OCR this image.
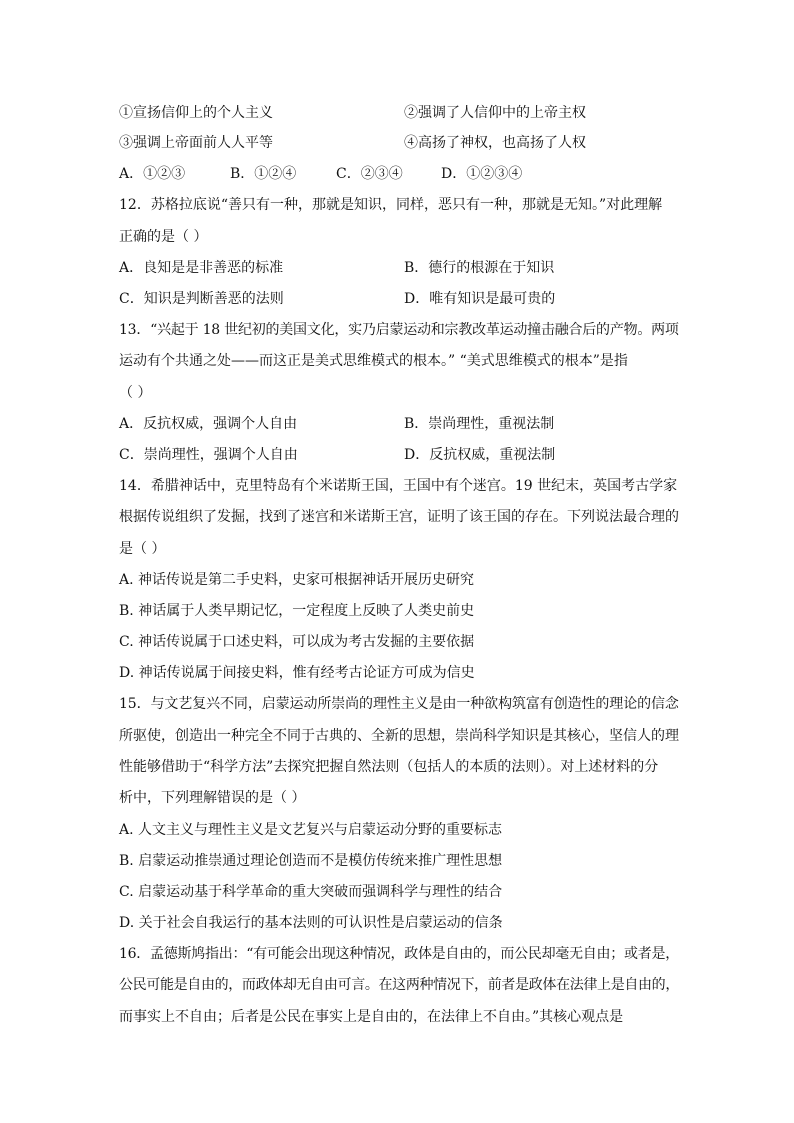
①宣扬信仰上的个人主义	②强调了人信仰中的上帝主权
③强调上帝面前人人平等	④高扬了神权，也高扬了人权
A．①②③	B．①②④	C．②③④	D．①②③④
12．苏格拉底说“善只有一种，那就是知识，同样，恶只有一种，那就是无知。”对此理解
正确的是（ ）
A．良知是是非善恶的标准	B．德行的根源在于知识
C．知识是判断善恶的法则	D．唯有知识是最可贵的
13．“兴起于 18 世纪初的美国文化，实乃启蒙运动和宗教改革运动撞击融合后的产物。两项
运动有个共通之处——而这正是美式思维模式的根本。” “美式思维模式的根本”是指
（ ）
A．反抗权威，强调个人自由	B．崇尚理性，重视法制
C．崇尚理性，强调个人自由	D．反抗权威，重视法制
14．希腊神话中，克里特岛有个米诺斯王国，王国中有个迷宫。19 世纪末，英国考古学家
根据传说组织了发掘，找到了迷宫和米诺斯王宫，证明了该王国的存在。下列说法最合理的
是（ ）
A. 神话传说是第二手史料，史家可根据神话开展历史研究
B. 神话属于人类早期记忆，一定程度上反映了人类史前史
C. 神话传说属于口述史料，可以成为考古发掘的主要依据
D. 神话传说属于间接史料，惟有经考古论证方可成为信史
15．与文艺复兴不同，启蒙运动所崇尚的理性主义是由一种欲构筑富有创造性的理论的信念
所驱使，创造出一种完全不同于古典的、全新的思想，崇尚科学知识是其核心，坚信人的理
性能够借助于“科学方法”去探究把握自然法则（包括人的本质的法则）。对上述材料的分
析中，下列理解错误的是（ ）
A. 人文主义与理性主义是文艺复兴与启蒙运动分野的重要标志
B. 启蒙运动推崇通过理论创造而不是模仿传统来推广理性思想
C. 启蒙运动基于科学革命的重大突破而强调科学与理性的结合
D. 关于社会自我运行的基本法则的可认识性是启蒙运动的信条
16．孟德斯鸠指出：“有可能会出现这种情况，政体是自由的，而公民却毫无自由；或者是，
公民可能是自由的，而政体却无自由可言。在这两种情况下，前者是政体在法律上是自由的，
而事实上不自由；后者是公民在事实上是自由的，在法律上不自由。”其核心观点是
